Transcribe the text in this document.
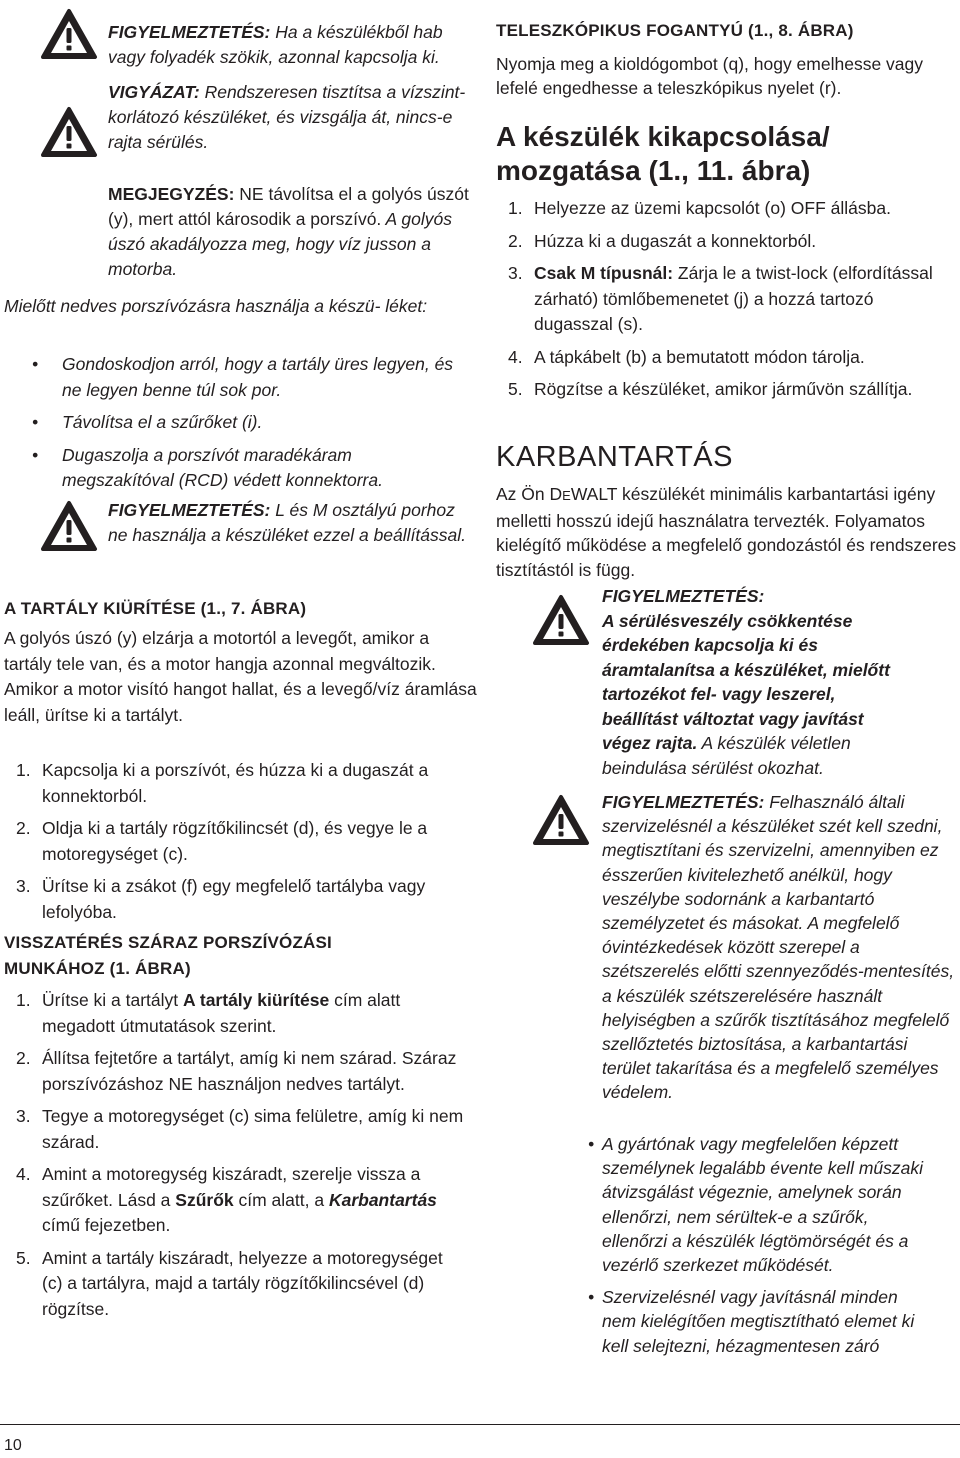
FIGYELMEZTETÉS: Ha a készülékből hab vagy folyadék szökik, azonnal kapcsolja ki.

VIGYÁZAT: Rendszeresen tisztítsa a vízszint-korlátozó készüléket, és vizsgálja át, nincs-e rajta sérülés.

MEGJEGYZÉS: NE távolítsa el a golyós úszót (y), mert attól károsodik a porszívó. A golyós úszó akadályozza meg, hogy víz jusson a motorba.

Mielőtt nedves porszívózásra használja a készü- léket:

• Gondoskodjon arról, hogy a tartály üres legyen, és ne legyen benne túl sok por.
• Távolítsa el a szűrőket (i).
• Dugaszolja a porszívót maradékáram megszakítóval (RCD) védett konnektorra.

FIGYELMEZTETÉS: L és M osztályú porhoz ne használja a készüléket ezzel a beállítással.

A TARTÁLY KIÜRÍTÉSE (1., 7. ÁBRA)

A golyós úszó (y) elzárja a motortól a levegőt, amikor a tartály tele van, és a motor hangja azonnal megváltozik. Amikor a motor visító hangot hallat, és a levegő/víz áramlása leáll, ürítse ki a tartályt.

1. Kapcsolja ki a porszívót, és húzza ki a dugaszát a konnektorból.
2. Oldja ki a tartály rögzítőkilincsét (d), és vegye le a motoregységet (c).
3. Ürítse ki a zsákot (f) egy megfelelő tartályba vagy lefolyóba.
VISSZATÉRÉS SZÁRAZ PORSZÍVÓZÁSI MUNKÁHOZ (1. ÁBRA)
1. Ürítse ki a tartályt A tartály kiürítése cím alatt megadott útmutatások szerint.
2. Állítsa fejtetőre a tartályt, amíg ki nem szárad. Száraz porszívózáshoz NE használjon nedves tartályt.
3. Tegye a motoregységet (c) sima felületre, amíg ki nem szárad.
4. Amint a motoregység kiszáradt, szerelje vissza a szűrőket. Lásd a Szűrők cím alatt, a Karbantartás című fejezetben.
5. Amint a tartály kiszáradt, helyezze a motoregységet (c) a tartályra, majd a tartály rögzítőkilincsével (d) rögzítse.
TELESZKÓPIKUS FOGANTYÚ (1., 8. ÁBRA)

Nyomja meg a kioldógombot (q), hogy emelhesse vagy lefelé engedhesse a teleszkópikus nyelet (r).

A készülék kikapcsolása/ mozgatása (1., 11. ábra)
1. Helyezze az üzemi kapcsolót (o) OFF állásba.
2. Húzza ki a dugaszát a konnektorból.
3. Csak M típusnál: Zárja le a twist-lock (elfordítással zárható) tömlőbemenetet (j) a hozzá tartozó dugasszal (s).
4. A tápkábelt (b) a bemutatott módon tárolja.
5. Rögzítse a készüléket, amikor járművön szállítja.
KARBANTARTÁS

Az Ön DEWALT készülékét minimális karbantartási igény melletti hosszú idejű használatra tervezték. Folyamatos kielégítő működése a megfelelő gondozástól és rendszeres tisztítástól is függ.

FIGYELMEZTETÉS:
A sérülésveszély csökkentése érdekében kapcsolja ki és áramtalanítsa a készüléket, mielőtt tartozékot fel- vagy leszerel, beállítást változtat vagy javítást végez rajta. A készülék véletlen beindulása sérülést okozhat.

FIGYELMEZTETÉS: Felhasználó általi szervizelésnél a készüléket szét kell szedni, megtisztítani és szervizelni, amennyiben ez ésszerűen kivitelezhető anélkül, hogy veszélybe sodornánk a karbantartó személyzetet és másokat. A megfelelő óvintézkedések között szerepel a szétszerelés előtti szennyeződés-mentesítés, a készülék szétszerelésére használt helyiségben a szűrők tisztításához megfelelő szellőztetés biztosítása, a karbantartási terület takarítása és a megfelelő személyes védelem.

• A gyártónak vagy megfelelően képzett személynek legalább évente kell műszaki átvizsgálást végeznie, amelynek során ellenőrzi, nem sérültek-e a szűrők, ellenőrzi a készülék légtömörségét és a vezérlő szerkezet működését.
• Szervizelésnél vagy javításnál minden nem kielégítően megtisztítható elemet ki kell selejtezni, hézagmentesen záró
10
